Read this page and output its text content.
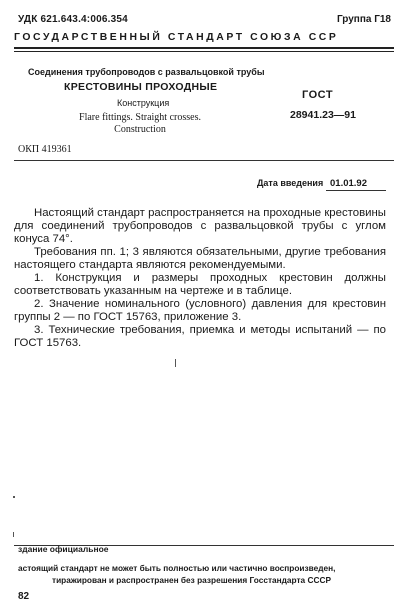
УДК 621.643.4:006.354	Группа Г18
ГОСУДАРСТВЕННЫЙ СТАНДАРТ СОЮЗА ССР
Соединения трубопроводов с развальцовкой трубы
КРЕСТОВИНЫ ПРОХОДНЫЕ
Конструкция
Flare fittings. Straight crosses. Construction
ГОСТ
28941.23—91
ОКП 419361
Дата введения 01.01.92

Настоящий стандарт распространяется на проходные крестовины для соединений трубопроводов с развальцовкой трубы с углом конуса 74°.

Требования пп. 1; 3 являются обязательными, другие требования настоящего стандарта являются рекомендуемыми.

1. Конструкция и размеры проходных крестовин должны соответствовать указанным на чертеже и в таблице.

2. Значение номинального (условного) давления для крестовин группы 2 — по ГОСТ 15763, приложение 3.

3. Технические требования, приемка и методы испытаний — по ГОСТ 15763.

здание официальное
астоящий стандарт не может быть полностью или частично воспроизведен,
тиражирован и распространен без разрешения Госстандарта СССР
82
